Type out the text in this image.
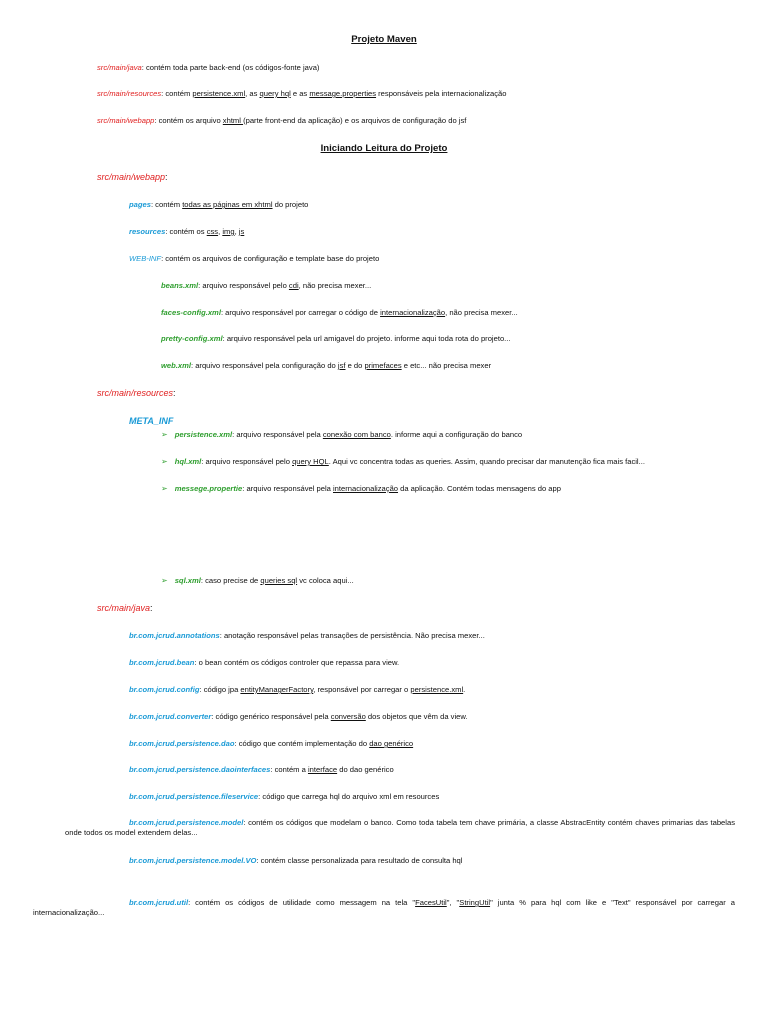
Projeto Maven
src/main/java: contém toda parte back-end (os códigos-fonte java)
src/main/resources: contém persistence.xml, as query hql e as message.properties responsáveis pela internacionalização
src/main/webapp: contém os arquivo xhtml (parte front-end da aplicação) e os arquivos de configuração do jsf
Iniciando Leitura do Projeto
src/main/webapp:
pages: contém todas as páginas em xhtml do projeto
resources: contém os css, img, js
WEB-INF: contém os arquivos de configuração e template base do projeto
beans.xml: arquivo responsável pelo cdi, não precisa mexer...
faces-config.xml: arquivo responsável por carregar o código de internacionalização, não precisa mexer...
pretty-config.xml: arquivo responsável pela url amigavel do projeto. informe aqui toda rota do projeto...
web.xml: arquivo responsável pela configuração do jsf e do primefaces e etc... não precisa mexer
src/main/resources:
META_INF
➢ persistence.xml: arquivo responsável pela conexão com banco. informe aqui a configuração do banco
➢ hql.xml: arquivo responsável pelo query HQL. Aqui vc concentra todas as queries. Assim, quando precisar dar manutenção fica mais facil...
➢ messege.propertie: arquivo responsável pela internacionalização da aplicação. Contém todas mensagens do app
➢ sql.xml: caso precise de queries sql vc coloca aqui...
src/main/java:
br.com.jcrud.annotations: anotação responsável pelas transações de persistência. Não precisa mexer...
br.com.jcrud.bean: o bean contém os códigos controler que repassa para view.
br.com.jcrud.config: código jpa entityManagerFactory, responsável por carregar o persistence.xml.
br.com.jcrud.converter: código genérico responsável pela conversão dos objetos que vêm da view.
br.com.jcrud.persistence.dao: código que contém implementação do dao genérico
br.com.jcrud.persistence.daointerfaces: contém a interface do dao genérico
br.com.jcrud.persistence.fileservice: código que carrega hql do arquivo xml em resources
br.com.jcrud.persistence.model: contém os códigos que modelam o banco. Como toda tabela tem chave primária, a classe AbstracEntity contém chaves primarias das tabelas onde todos os model extendem delas...
br.com.jcrud.persistence.model.VO: contém classe personalizada para resultado de consulta hql
br.com.jcrud.util: contém os códigos de utilidade como messagem na tela "FacesUtil", "StringUtil" junta % para hql com like e "Text" responsável por carregar a internacionalização...
